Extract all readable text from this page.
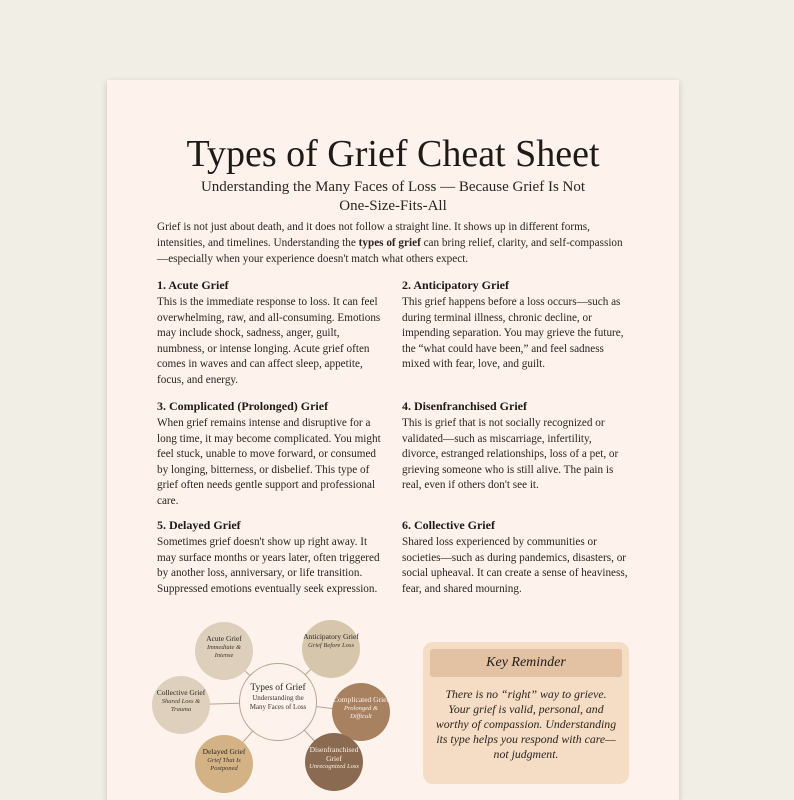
Types of Grief Cheat Sheet
Understanding the Many Faces of Loss — Because Grief Is Not One-Size-Fits-All
Grief is not just about death, and it does not follow a straight line. It shows up in different forms, intensities, and timelines. Understanding the types of grief can bring relief, clarity, and self-compassion—especially when your experience doesn't match what others expect.
1. Acute Grief

This is the immediate response to loss. It can feel overwhelming, raw, and all-consuming. Emotions may include shock, sadness, anger, guilt, numbness, or intense longing. Acute grief often comes in waves and can affect sleep, appetite, focus, and energy.

2. Anticipatory Grief

This grief happens before a loss occurs—such as during terminal illness, chronic decline, or impending separation. You may grieve the future, the “what could have been,” and feel sadness mixed with fear, love, and guilt.

3. Complicated (Prolonged) Grief

When grief remains intense and disruptive for a long time, it may become complicated. You might feel stuck, unable to move forward, or consumed by longing, bitterness, or disbelief. This type of grief often needs gentle support and professional care.

4. Disenfranchised Grief

This is grief that is not socially recognized or validated—such as miscarriage, infertility, divorce, estranged relationships, loss of a pet, or grieving someone who is still alive. The pain is real, even if others don't see it.

5. Delayed Grief

Sometimes grief doesn't show up right away. It may surface months or years later, often triggered by another loss, anniversary, or life transition. Suppressed emotions eventually seek expression.

6. Collective Grief

Shared loss experienced by communities or societies—such as during pandemics, disasters, or social upheaval. It can create a sense of heaviness, fear, and shared mourning.

Types of Grief
Understanding the Many Faces of Loss
Acute Grief
Immediate & Intense
Anticipatory Grief
Grief Before Loss
Complicated Grief
Prolonged & Difficult
Disenfranchised Grief
Unrecognized Loss
Delayed Grief
Grief That Is Postponed
Collective Grief
Shared Loss & Trauma
Key Reminder
There is no “right” way to grieve. Your grief is valid, personal, and worthy of compassion. Understanding its type helps you respond with care—not judgment.
